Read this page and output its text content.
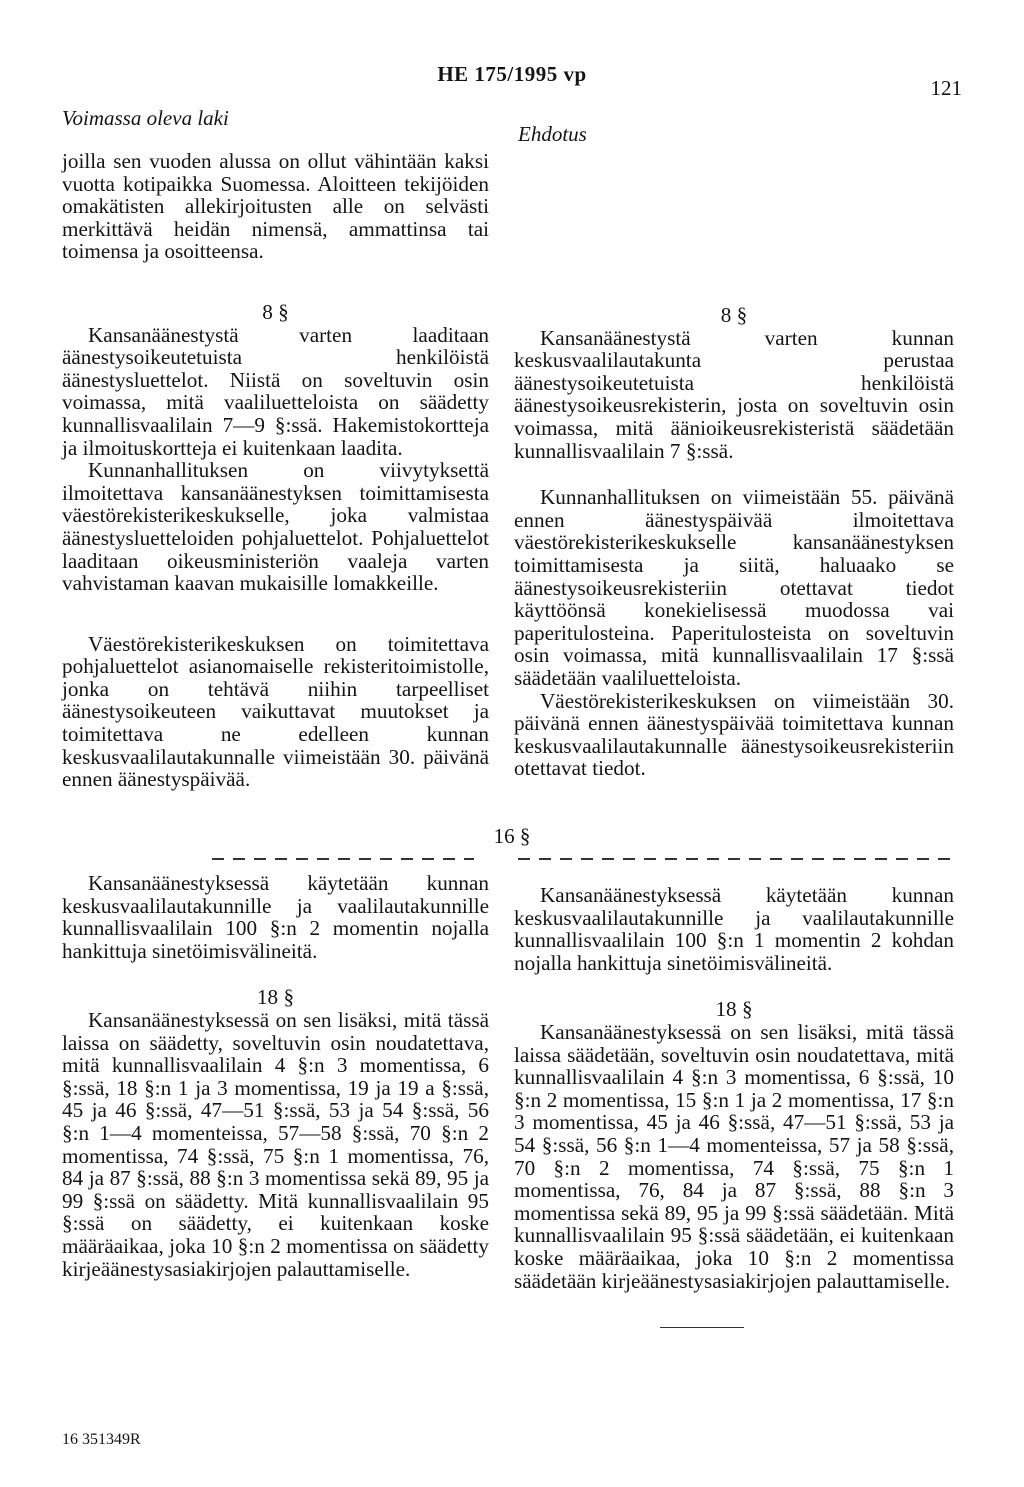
HE 175/1995 vp
121
Voimassa oleva laki
Ehdotus

joilla sen vuoden alussa on ollut vähintään kaksi vuotta kotipaikka Suomessa. Aloitteen tekijöiden omakätisten allekirjoitusten alle on selvästi merkittävä heidän nimensä, ammattinsa tai toimensa ja osoitteensa.

8 §

Kansanäänestystä varten laaditaan äänestysoikeutetuista henkilöistä äänestysluettelot. Niistä on soveltuvin osin voimassa, mitä vaaliluetteloista on säädetty kunnallisvaalilain 7—9 §:ssä. Hakemistokortteja ja ilmoituskortteja ei kuitenkaan laadita.

Kunnanhallituksen on viivytyksettä ilmoitettava kansanäänestyksen toimittamisesta väestörekisterikeskukselle, joka valmistaa äänestysluetteloiden pohjaluettelot. Pohjaluettelot laaditaan oikeusministeriön vaaleja varten vahvistaman kaavan mukaisille lomakkeille.

Väestörekisterikeskuksen on toimitettava pohjaluettelot asianomaiselle rekisteritoimistolle, jonka on tehtävä niihin tarpeelliset äänestysoikeuteen vaikuttavat muutokset ja toimitettava ne edelleen kunnan keskusvaalilautakunnalle viimeistään 30. päivänä ennen äänestyspäivää.

8 §

Kansanäänestystä varten kunnan keskusvaalilautakunta perustaa äänestysoikeutetuista henkilöistä äänestysoikeusrekisterin, josta on soveltuvin osin voimassa, mitä äänioikeusrekisteristä säädetään kunnallisvaalilain 7 §:ssä.

Kunnanhallituksen on viimeistään 55. päivänä ennen äänestyspäivää ilmoitettava väestörekisterikeskukselle kansanäänestyksen toimittamisesta ja siitä, haluaako se äänestysoikeusrekisteriin otettavat tiedot käyttöönsä konekielisessä muodossa vai paperitulosteina. Paperitulosteista on soveltuvin osin voimassa, mitä kunnallisvaalilain 17 §:ssä säädetään vaaliluetteloista.

Väestörekisterikeskuksen on viimeistään 30. päivänä ennen äänestyspäivää toimitettava kunnan keskusvaalilautakunnalle äänestysoikeusrekisteriin otettavat tiedot.

16 §

Kansanäänestyksessä käytetään kunnan keskusvaalilautakunnille ja vaalilautakunnille kunnallisvaalilain 100 §:n 2 momentin nojalla hankittuja sinetöimisvälineitä.

18 §

Kansanäänestyksessä on sen lisäksi, mitä tässä laissa on säädetty, soveltuvin osin noudatettava, mitä kunnallisvaalilain 4 §:n 3 momentissa, 6 §:ssä, 18 §:n 1 ja 3 momentissa, 19 ja 19 a §:ssä, 45 ja 46 §:ssä, 47—51 §:ssä, 53 ja 54 §:ssä, 56 §:n 1—4 momenteissa, 57—58 §:ssä, 70 §:n 2 momentissa, 74 §:ssä, 75 §:n 1 momentissa, 76, 84 ja 87 §:ssä, 88 §:n 3 momentissa sekä 89, 95 ja 99 §:ssä on säädetty. Mitä kunnallisvaalilain 95 §:ssä on säädetty, ei kuitenkaan koske määräaikaa, joka 10 §:n 2 momentissa on säädetty kirjeäänestysasiakirjojen palauttamiselle.

Kansanäänestyksessä käytetään kunnan keskusvaalilautakunnille ja vaalilautakunnille kunnallisvaalilain 100 §:n 1 momentin 2 kohdan nojalla hankittuja sinetöimisvälineitä.

18 §

Kansanäänestyksessä on sen lisäksi, mitä tässä laissa säädetään, soveltuvin osin noudatettava, mitä kunnallisvaalilain 4 §:n 3 momentissa, 6 §:ssä, 10 §:n 2 momentissa, 15 §:n 1 ja 2 momentissa, 17 §:n 3 momentissa, 45 ja 46 §:ssä, 47—51 §:ssä, 53 ja 54 §:ssä, 56 §:n 1—4 momenteissa, 57 ja 58 §:ssä, 70 §:n 2 momentissa, 74 §:ssä, 75 §:n 1 momentissa, 76, 84 ja 87 §:ssä, 88 §:n 3 momentissa sekä 89, 95 ja 99 §:ssä säädetään. Mitä kunnallisvaalilain 95 §:ssä säädetään, ei kuitenkaan koske määräaikaa, joka 10 §:n 2 momentissa säädetään kirjeäänestysasiakirjojen palauttamiselle.

16 351349R
